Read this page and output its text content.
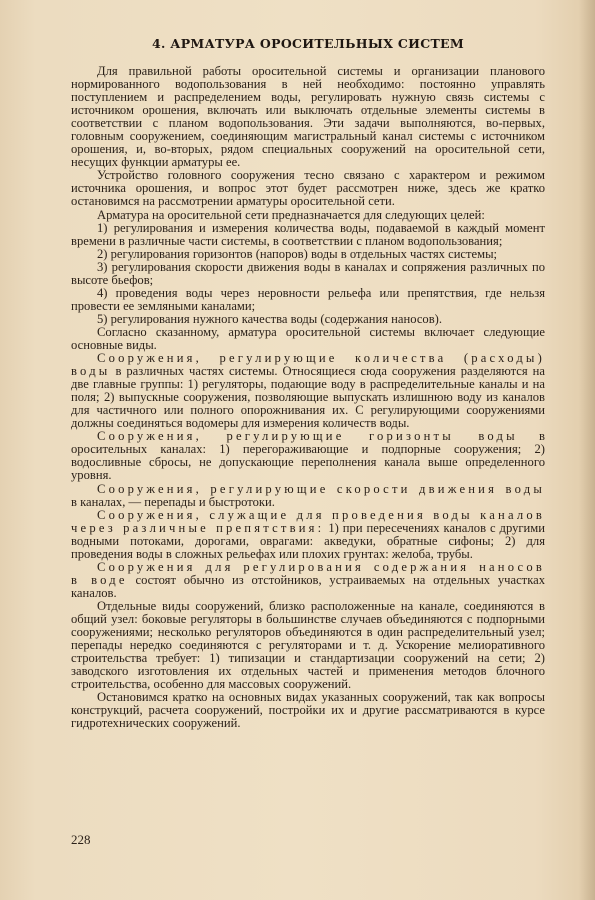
4. АРМАТУРА ОРОСИТЕЛЬНЫХ СИСТЕМ

Для правильной работы оросительной системы и организации планового нормированного водопользования в ней необходимо: постоянно управлять поступлением и распределением воды, регулировать нужную связь системы с источником орошения, включать или выключать отдельные элементы системы в соответствии с планом водопользования. Эти задачи выполняются, во-первых, головным сооружением, соединяющим магистральный канал системы с источником орошения, и, во-вторых, рядом специальных сооружений на оросительной сети, несущих функции арматуры ее.

Устройство головного сооружения тесно связано с характером и режимом источника орошения, и вопрос этот будет рассмотрен ниже, здесь же кратко остановимся на рассмотрении арматуры оросительной сети.

Арматура на оросительной сети предназначается для следующих целей:

1) регулирования и измерения количества воды, подаваемой в каждый момент времени в различные части системы, в соответствии с планом водопользования;

2) регулирования горизонтов (напоров) воды в отдельных частях системы;

3) регулирования скорости движения воды в каналах и сопряжения различных по высоте бьефов;

4) проведения воды через неровности рельефа или препятствия, где нельзя провести ее земляными каналами;

5) регулирования нужного качества воды (содержания наносов).

Согласно сказанному, арматура оросительной системы включает следующие основные виды.

Сооружения, регулирующие количества (расходы) воды в различных частях системы. Относящиеся сюда сооружения разделяются на две главные группы: 1) регуляторы, подающие воду в распределительные каналы и на поля; 2) выпускные сооружения, позволяющие выпускать излишнюю воду из каналов для частичного или полного опорожнивания их. С регулирующими сооружениями должны соединяться водомеры для измерения количеств воды.

Сооружения, регулирующие горизонты воды в оросительных каналах: 1) перегораживающие и подпорные сооружения; 2) водосливные сбросы, не допускающие переполнения канала выше определенного уровня.

Сооружения, регулирующие скорости движения воды в каналах, — перепады и быстротоки.

Сооружения, служащие для проведения воды каналов через различные препятствия: 1) при пересечениях каналов с другими водными потоками, дорогами, оврагами: акведуки, обратные сифоны; 2) для проведения воды в сложных рельефах или плохих грунтах: желоба, трубы.

Сооружения для регулирования содержания наносов в воде состоят обычно из отстойников, устраиваемых на отдельных участках каналов.

Отдельные виды сооружений, близко расположенные на канале, соединяются в общий узел: боковые регуляторы в большинстве случаев объединяются с подпорными сооружениями; несколько регуляторов объединяются в один распределительный узел; перепады нередко соединяются с регуляторами и т. д. Ускорение мелиоративного строительства требует: 1) типизации и стандартизации сооружений на сети; 2) заводского изготовления их отдельных частей и применения методов блочного строительства, особенно для массовых сооружений.

Остановимся кратко на основных видах указанных сооружений, так как вопросы конструкций, расчета сооружений, постройки их и другие рассматриваются в курсе гидротехнических сооружений.

228
